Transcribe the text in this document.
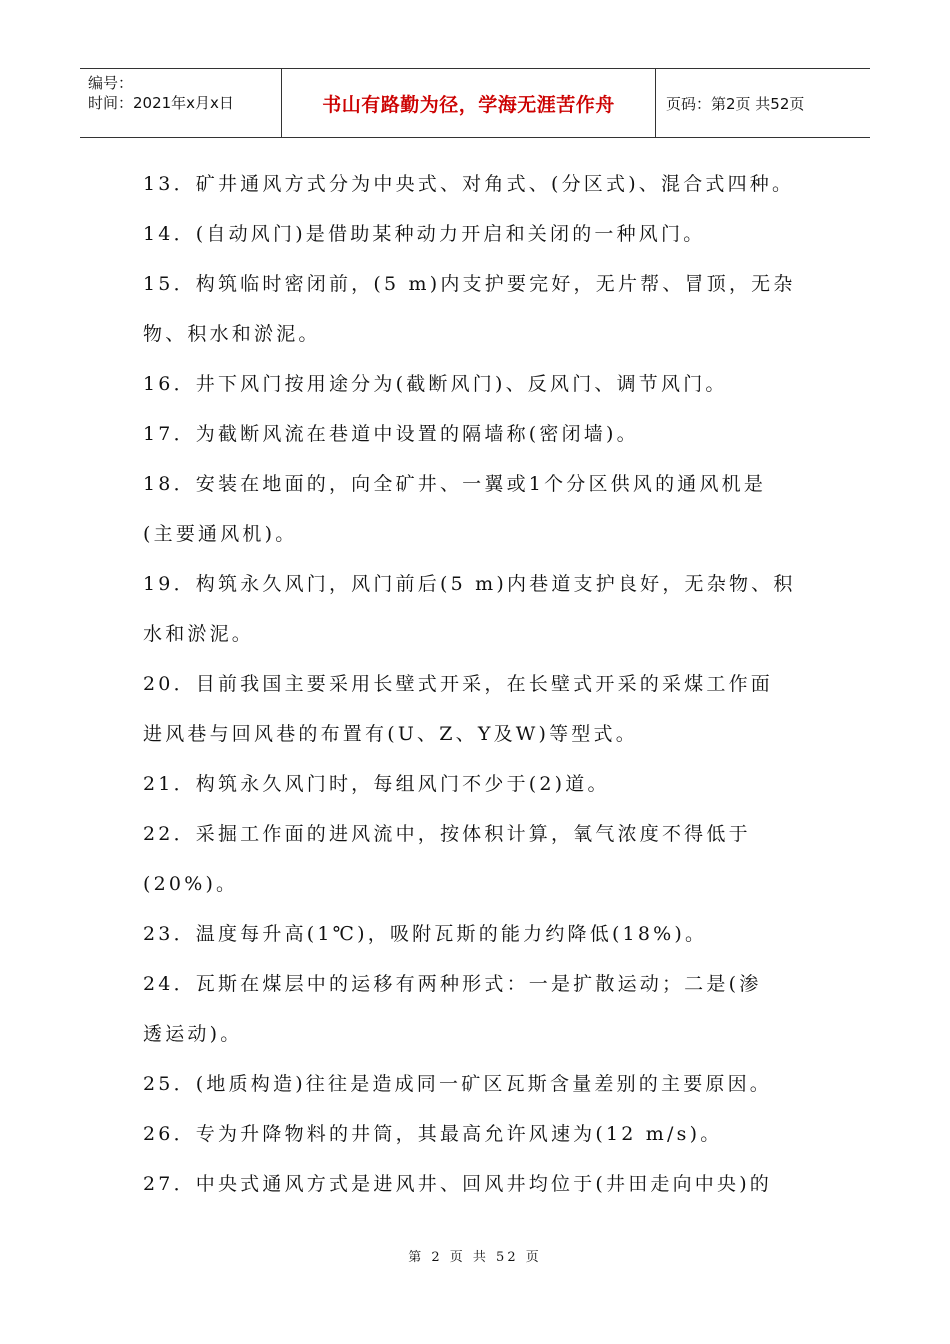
编号：
时间：2021年x月x日	书山有路勤为径，学海无涯苦作舟	页码：第2页 共52页
13．矿井通风方式分为中央式、对角式、(分区式)、混合式四种。
14．(自动风门)是借助某种动力开启和关闭的一种风门。
15．构筑临时密闭前，(5 m)内支护要完好，无片帮、冒顶，无杂
物、积水和淤泥。
16．井下风门按用途分为(截断风门)、反风门、调节风门。
17．为截断风流在巷道中设置的隔墙称(密闭墙)。
18．安装在地面的，向全矿井、一翼或1个分区供风的通风机是
(主要通风机)。
19．构筑永久风门，风门前后(5 m)内巷道支护良好，无杂物、积
水和淤泥。
20．目前我国主要采用长壁式开采，在长壁式开采的采煤工作面
进风巷与回风巷的布置有(U、Z、Y及W)等型式。
21．构筑永久风门时，每组风门不少于(2)道。
22．采掘工作面的进风流中，按体积计算，氧气浓度不得低于
(20%)。
23．温度每升高(1℃)，吸附瓦斯的能力约降低(18%)。
24．瓦斯在煤层中的运移有两种形式：一是扩散运动；二是(渗
透运动)。
25．(地质构造)往往是造成同一矿区瓦斯含量差别的主要原因。
26．专为升降物料的井筒，其最高允许风速为(12 m/s)。
27．中央式通风方式是进风井、回风井均位于(井田走向中央)的
第 2 页 共 52 页
